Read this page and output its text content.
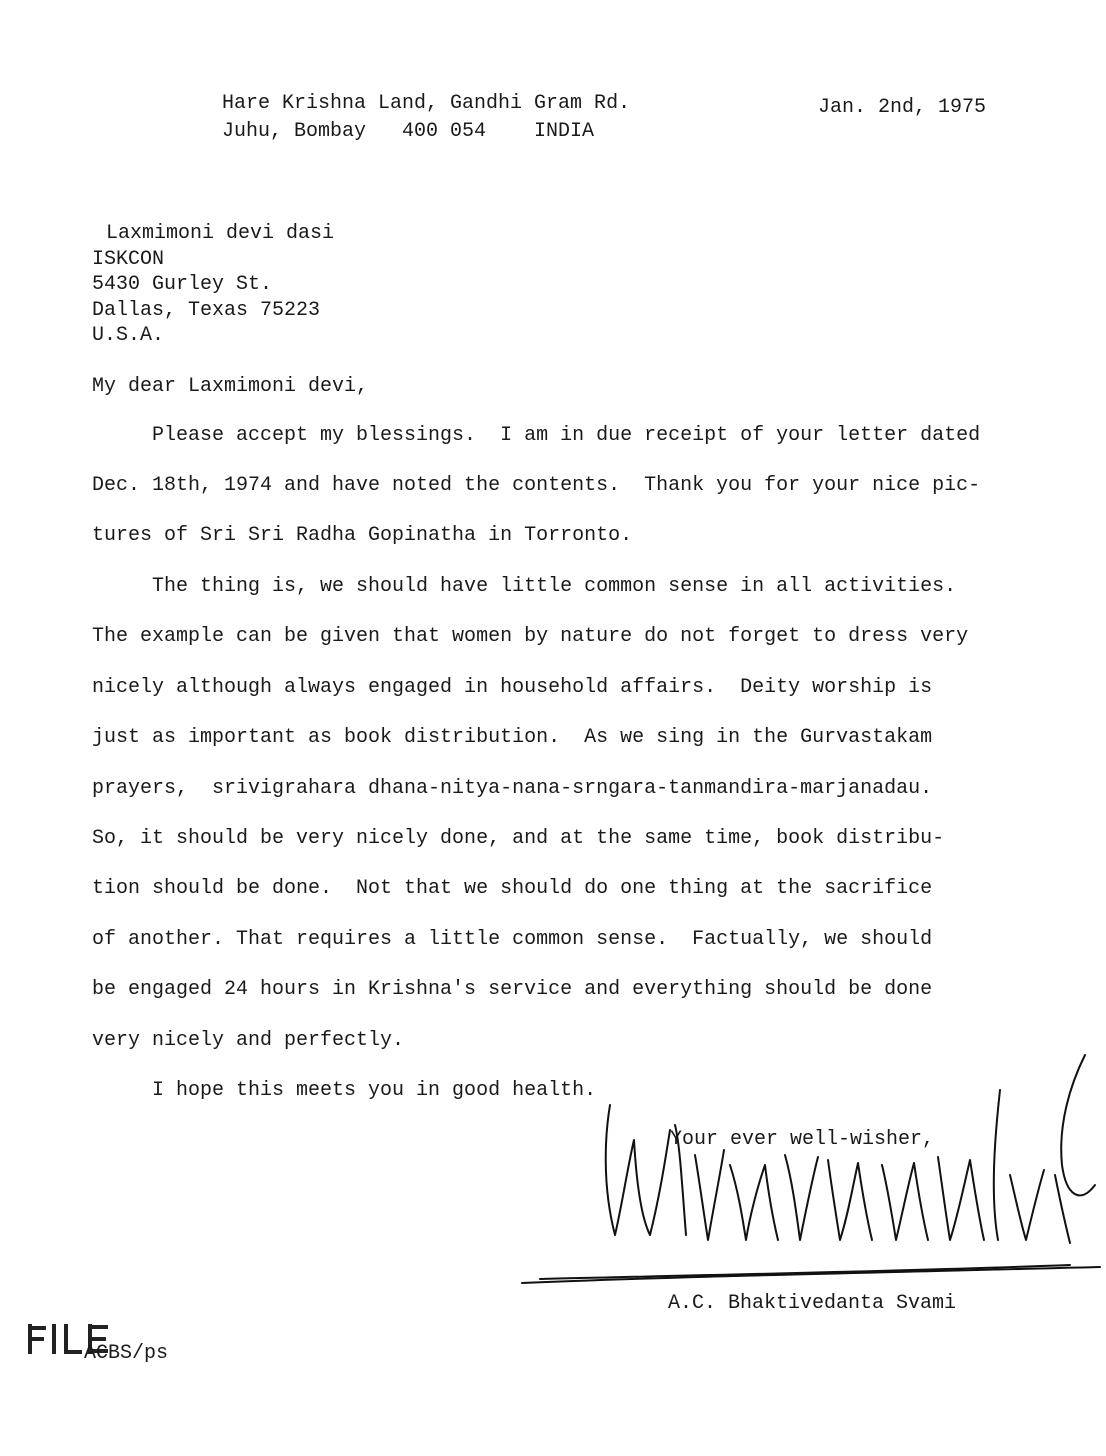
Hare Krishna Land, Gandhi Gram Rd.
Juhu, Bombay   400 054    INDIA
Jan. 2nd, 1975
Laxmimoni devi dasi
ISKCON
5430 Gurley St.
Dallas, Texas 75223
U.S.A.
My dear Laxmimoni devi,
Please accept my blessings.  I am in due receipt of your letter dated
Dec. 18th, 1974 and have noted the contents.  Thank you for your nice pic-
tures of Sri Sri Radha Gopinatha in Torronto.
The thing is, we should have little common sense in all activities.
The example can be given that women by nature do not forget to dress very
nicely although always engaged in household affairs.  Deity worship is
just as important as book distribution.  As we sing in the Gurvastakam
prayers,  srivigrahara dhana-nitya-nana-srngara-tanmandira-marjanadau.
So, it should be very nicely done, and at the same time, book distribu-
tion should be done.  Not that we should do one thing at the sacrifice
of another. That requires a little common sense.  Factually, we should
be engaged 24 hours in Krishna's service and everything should be done
very nicely and perfectly.
I hope this meets you in good health.
Your ever well-wisher,
A.C. Bhaktivedanta Svami
ACBS/ps
